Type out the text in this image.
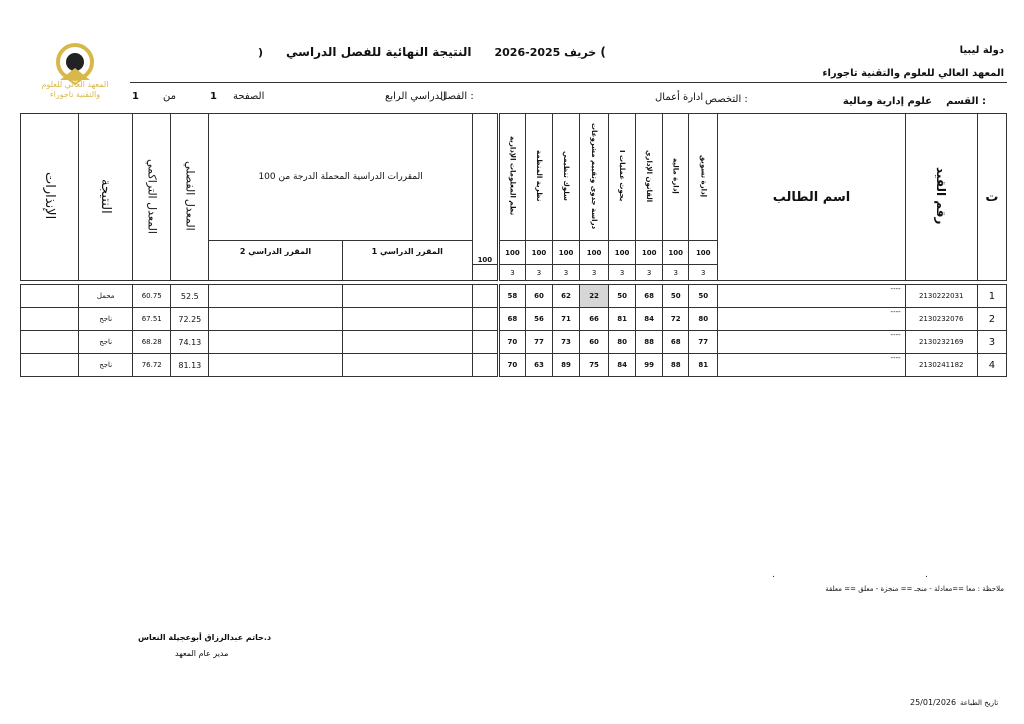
دولة ليبيا
المعهد العالي للعلوم والتقنية تاجوراء
)	خريف 2025-2026      النتيجة النهائية للفصل الدراسي (
المعهد العالي للعلوم والتقنية تاجوراء
القسم :
علوم إدارية ومالية
التخصص :
ادارة أعمال
الفصل :
الدراسي الرابع
الصفحة
1
من
1
الإنذارات	النتيجة	المعدل التراكمي	المعدل الفصلي	المقررات الدراسية المحملة الدرجة من 100		100	نظم المعلومات الإدارية	نظرية المنظمة	سلوك تنظيمي	دراسة جدوى وتقييم مشروعات	I بحوث عمليات	القانون الإداري	إدارة مالية	إدارة تسويق	اسم الطالب	رقم القيد	ت
				المقرر الدراسي 2	المقرر الدراسي 1		100	100	100	100	100	100	100	100			
							3	3	3	3	3	3	3	3			

	محمل	60.75	52.5				58	60	62	22	50	68	50	50	----	2130222031	1
	ناجح	67.51	72.25				68	56	71	66	81	84	72	80	----	2130232076	2
	ناجح	68.28	74.13				70	77	73	60	80	88	68	77	----	2130232169	3
	ناجح	76.72	81.13				70	63	89	75	84	99	88	81	----	2130241182	4
.	.
ملاحظة : معا ==معادلة - منجـ == منجزة - معلق == معلقة
د.حاتم عبدالرزاق أبوعجيلة النعاس
مدير عام المعهد
تاريخ الطباعة
25/01/2026
